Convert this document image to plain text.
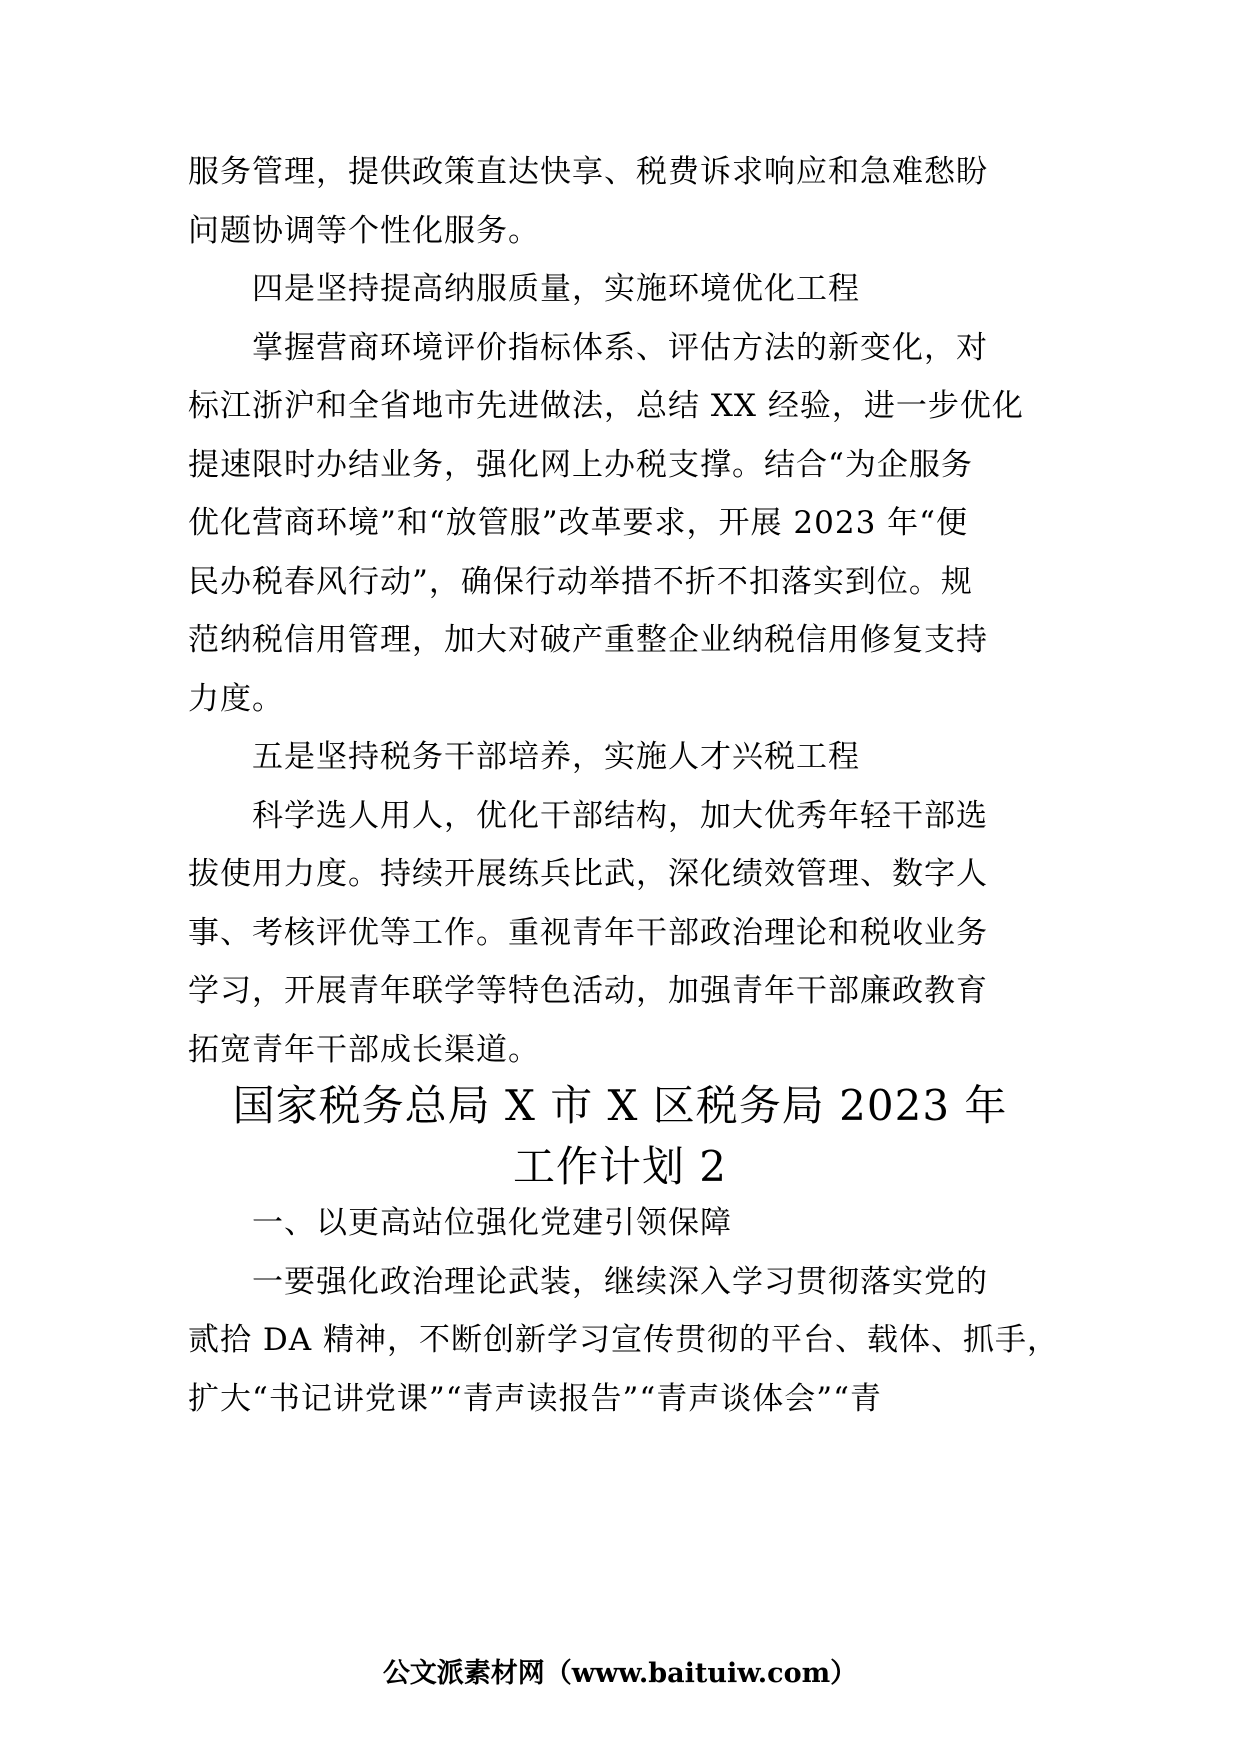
服务管理，提供政策直达快享、税费诉求响应和急难愁盼
问题协调等个性化服务。
四是坚持提高纳服质量，实施环境优化工程
掌握营商环境评价指标体系、评估方法的新变化，对
标江浙沪和全省地市先进做法，总结 XX 经验，进一步优化
提速限时办结业务，强化网上办税支撑。结合“为企服务
优化营商环境”和“放管服”改革要求，开展 2023 年“便
民办税春风行动”，确保行动举措不折不扣落实到位。规
范纳税信用管理，加大对破产重整企业纳税信用修复支持
力度。
五是坚持税务干部培养，实施人才兴税工程
科学选人用人，优化干部结构，加大优秀年轻干部选
拔使用力度。持续开展练兵比武，深化绩效管理、数字人
事、考核评优等工作。重视青年干部政治理论和税收业务
学习，开展青年联学等特色活动，加强青年干部廉政教育
拓宽青年干部成长渠道。
国家税务总局 X 市 X 区税务局 2023 年
工作计划 2
一、以更高站位强化党建引领保障
一要强化政治理论武装，继续深入学习贯彻落实党的
贰拾 DA 精神，不断创新学习宣传贯彻的平台、载体、抓手，
扩大“书记讲党课”“青声读报告”“青声谈体会”“青
公文派素材网（www.baituiw.com）
